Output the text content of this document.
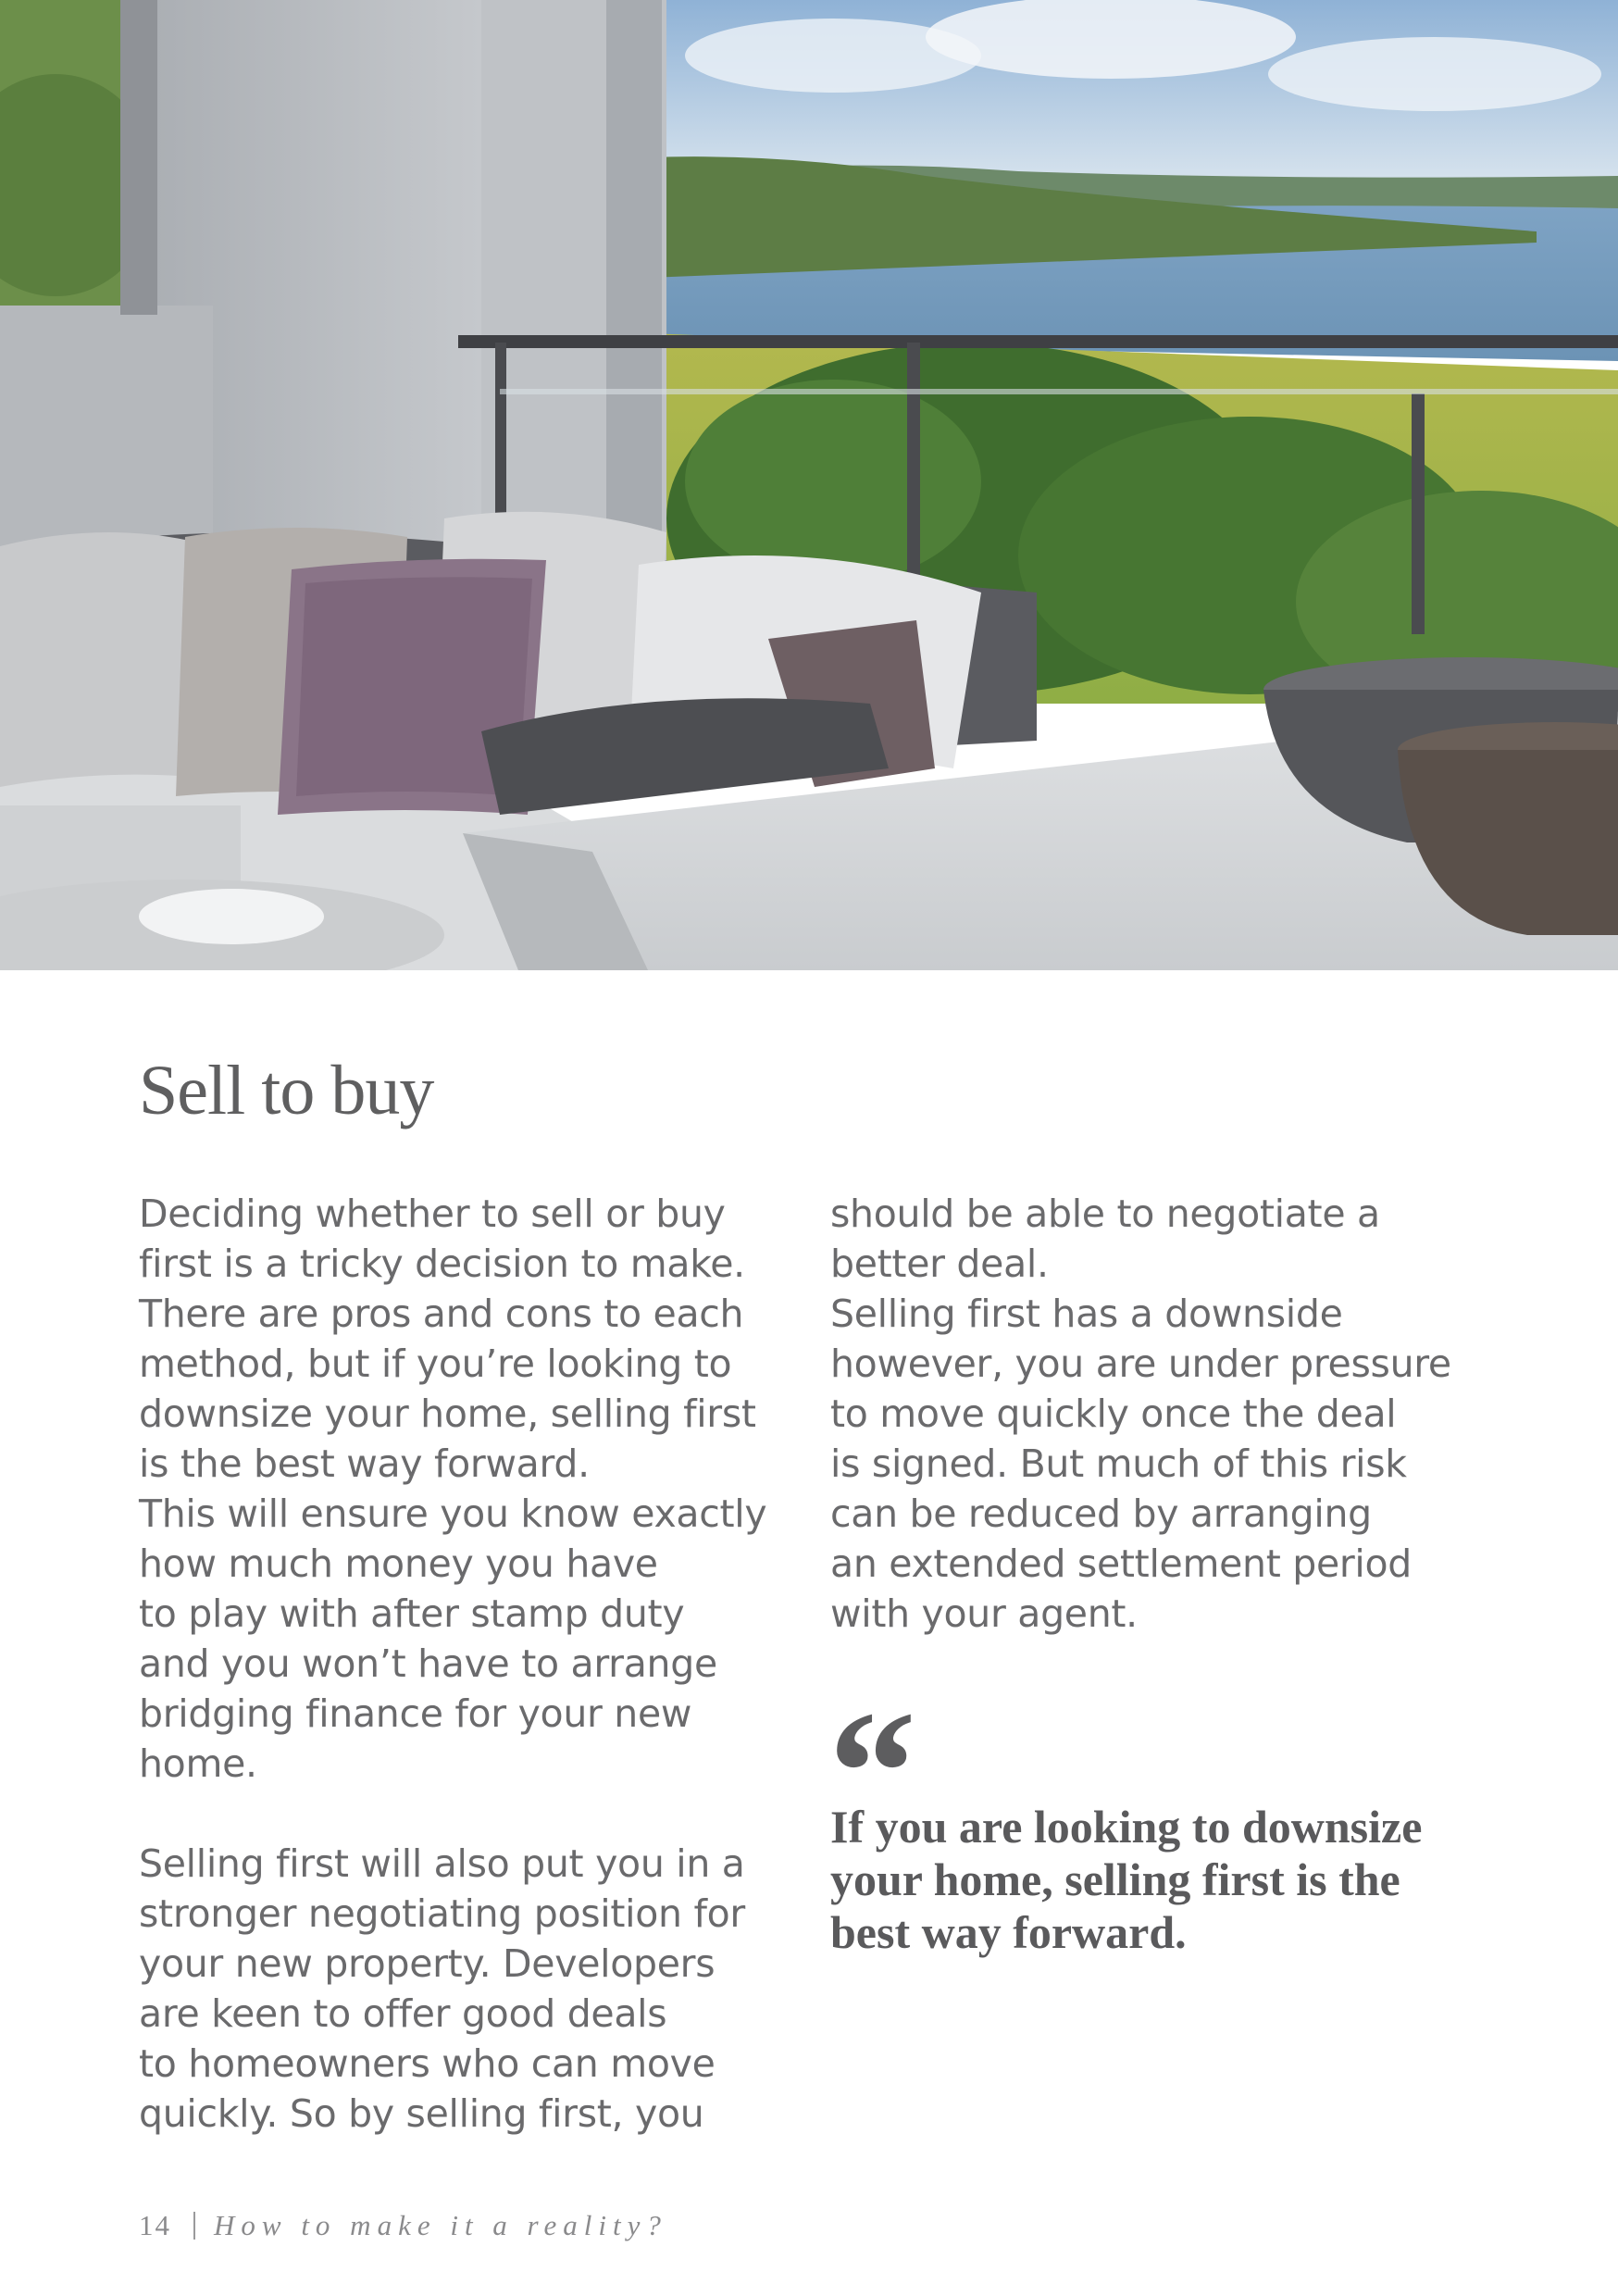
Sell to buy

Deciding whether to sell or buy
first is a tricky decision to make.
There are pros and cons to each
method, but if you’re looking to
downsize your home, selling first
is the best way forward.
This will ensure you know exactly
how much money you have
to play with after stamp duty
and you won’t have to arrange
bridging finance for your new
home.

Selling first will also put you in a
stronger negotiating position for
your new property. Developers
are keen to offer good deals
to homeowners who can move
quickly. So by selling first, you

should be able to negotiate a
better deal.
Selling first has a downside
however, you are under pressure
to move quickly once the deal
is signed. But much of this risk
can be reduced by arranging
an extended settlement period
with your agent.

“

If you are looking to downsize
your home, selling first is the
best way forward.

14 How to make it a reality?
